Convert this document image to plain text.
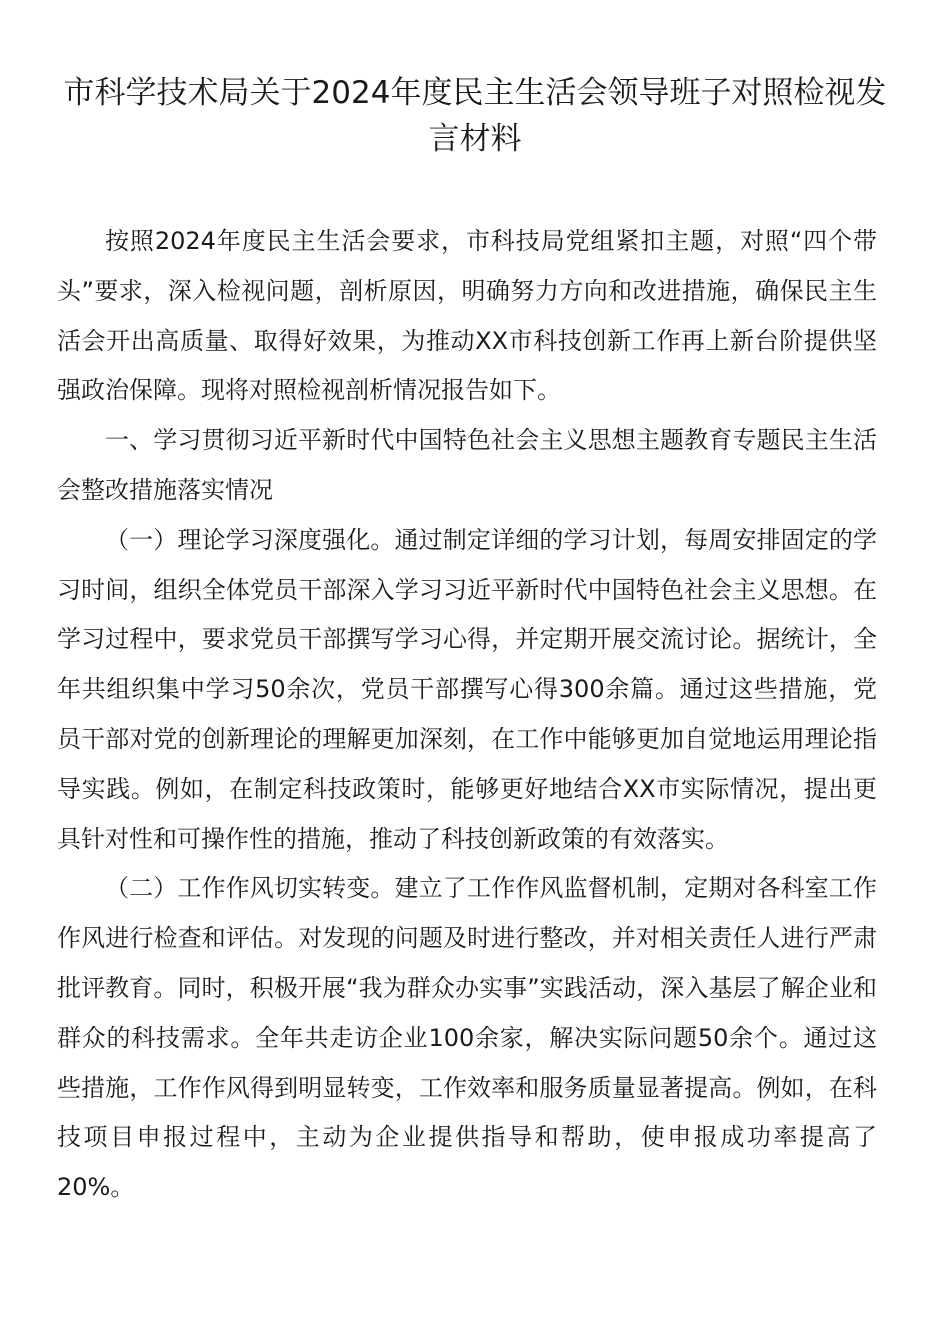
市科学技术局关于2024年度民主生活会领导班子对照检视发言材料

按照2024年度民主生活会要求，市科技局党组紧扣主题，对照“四个带头”要求，深入检视问题，剖析原因，明确努力方向和改进措施，确保民主生活会开出高质量、取得好效果，为推动XX市科技创新工作再上新台阶提供坚强政治保障。现将对照检视剖析情况报告如下。

一、学习贯彻习近平新时代中国特色社会主义思想主题教育专题民主生活会整改措施落实情况

（一）理论学习深度强化。通过制定详细的学习计划，每周安排固定的学习时间，组织全体党员干部深入学习习近平新时代中国特色社会主义思想。在学习过程中，要求党员干部撰写学习心得，并定期开展交流讨论。据统计，全年共组织集中学习50余次，党员干部撰写心得300余篇。通过这些措施，党员干部对党的创新理论的理解更加深刻，在工作中能够更加自觉地运用理论指导实践。例如，在制定科技政策时，能够更好地结合XX市实际情况，提出更具针对性和可操作性的措施，推动了科技创新政策的有效落实。

（二）工作作风切实转变。建立了工作作风监督机制，定期对各科室工作作风进行检查和评估。对发现的问题及时进行整改，并对相关责任人进行严肃批评教育。同时，积极开展“我为群众办实事”实践活动，深入基层了解企业和群众的科技需求。全年共走访企业100余家，解决实际问题50余个。通过这些措施，工作作风得到明显转变，工作效率和服务质量显著提高。例如，在科技项目申报过程中，主动为企业提供指导和帮助，使申报成功率提高了20%。
